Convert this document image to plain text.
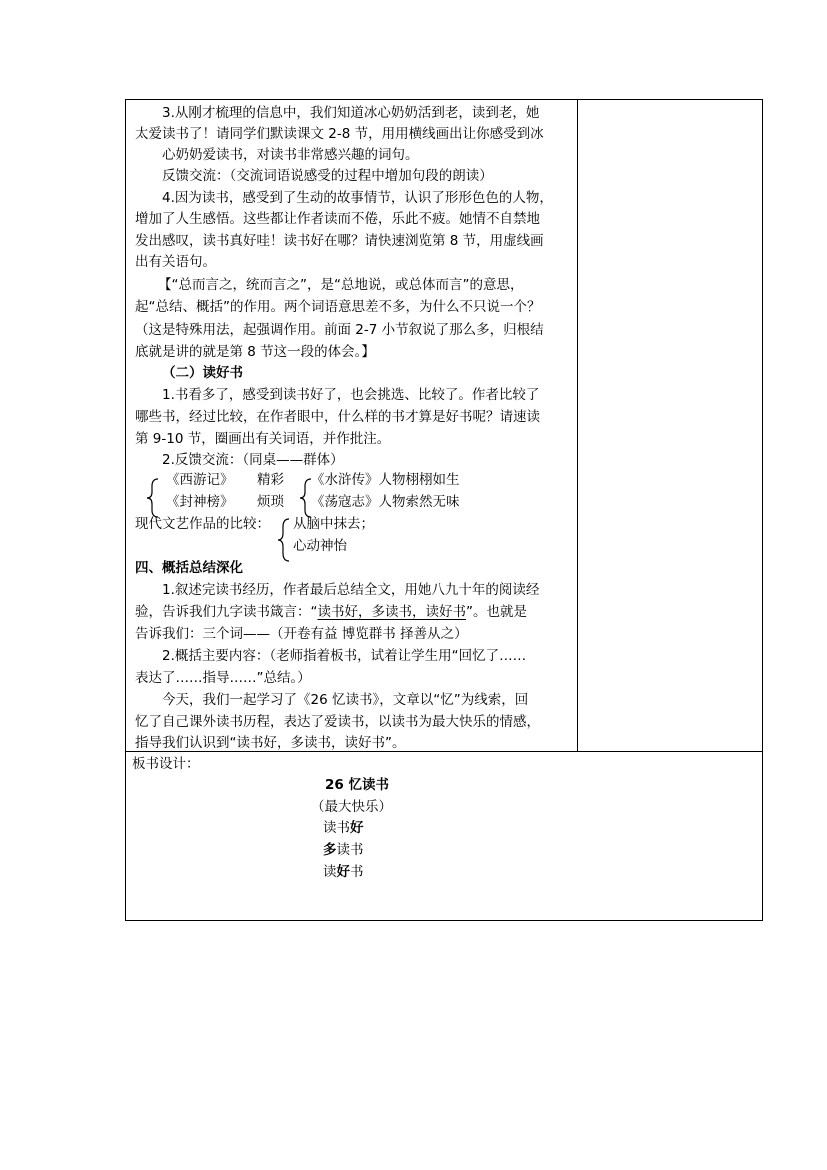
3.从刚才梳理的信息中，我们知道冰心奶奶活到老，读到老，她
太爱读书了！请同学们默读课文 2-8 节，用用横线画出让你感受到冰
心奶奶爱读书，对读书非常感兴趣的词句。
反馈交流：（交流词语说感受的过程中增加句段的朗读）
4.因为读书，感受到了生动的故事情节，认识了形形色色的人物，
增加了人生感悟。这些都让作者读而不倦，乐此不疲。她情不自禁地
发出感叹，读书真好哇！读书好在哪？请快速浏览第 8 节，用虚线画
出有关语句。
【“总而言之，统而言之”，是“总地说，或总体而言”的意思，
起“总结、概括”的作用。两个词语意思差不多，为什么不只说一个？
（这是特殊用法，起强调作用。前面 2-7 小节叙说了那么多，归根结
底就是讲的就是第 8 节这一段的体会。】
（二）读好书
1.书看多了，感受到读书好了，也会挑选、比较了。作者比较了
哪些书，经过比较，在作者眼中，什么样的书才算是好书呢？请速读
第 9-10 节，圈画出有关词语，并作批注。
2.反馈交流：（同桌——群体）
《西游记》 精彩
《封神榜》 烦琐
《水浒传》人物栩栩如生
《荡寇志》人物索然无味
现代文艺作品的比较： 从脑中抹去；
心动神怡
四、概括总结深化
1.叙述完读书经历，作者最后总结全文，用她八九十年的阅读经
验，告诉我们九字读书箴言：“读书好，多读书，读好书”。也就是
告诉我们：三个词——（开卷有益 博览群书 择善从之）
2.概括主要内容：（老师指着板书，试着让学生用“回忆了……
表达了……指导……”总结。）
今天，我们一起学习了《26 忆读书》，文章以“忆”为线索，回
忆了自己课外读书历程，表达了爱读书，以读书为最大快乐的情感，
指导我们认识到“读书好，多读书，读好书”。
板书设计：
26 忆读书
（最大快乐）
读书好
多读书
读好书
